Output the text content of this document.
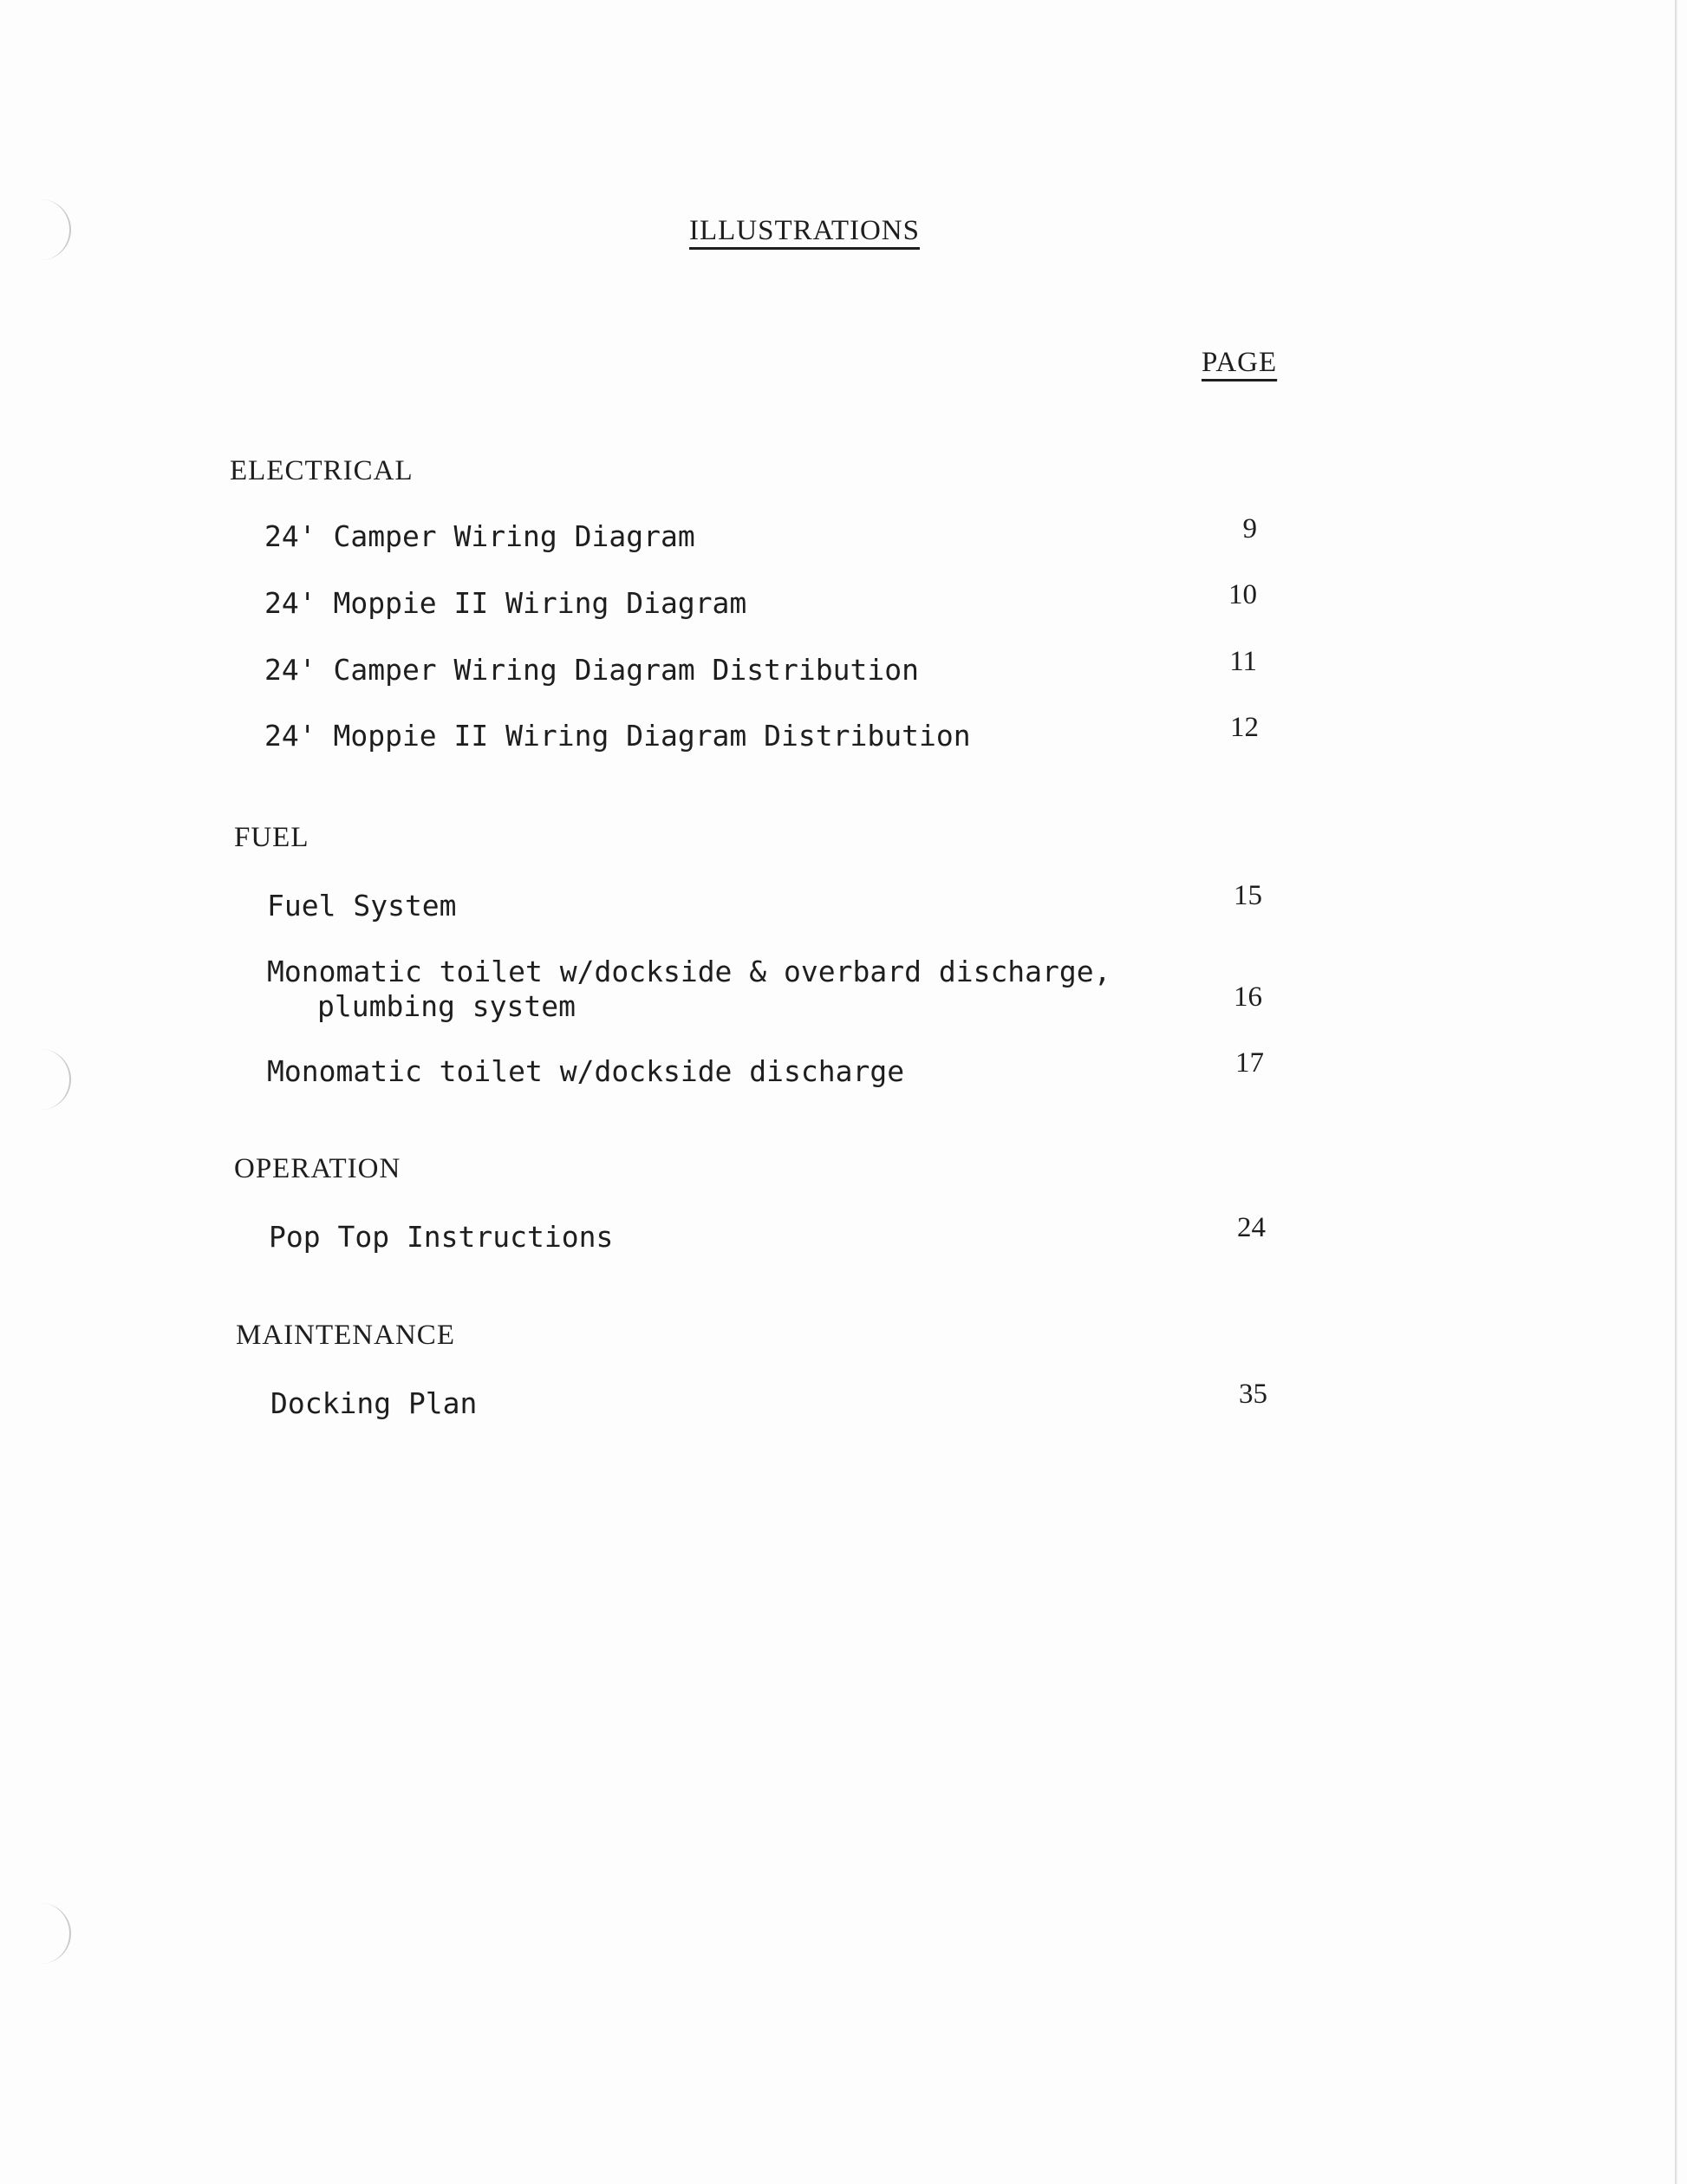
ILLUSTRATIONS
PAGE
ELECTRICAL
24' Camper Wiring Diagram	9
24' Moppie II Wiring Diagram	10
24' Camper Wiring Diagram Distribution	11
24' Moppie II Wiring Diagram Distribution	12
FUEL
Fuel System	15
Monomatic toilet w/dockside & overbard discharge,
plumbing system	16
Monomatic toilet w/dockside discharge	17
OPERATION
Pop Top Instructions	24
MAINTENANCE
Docking Plan	35
